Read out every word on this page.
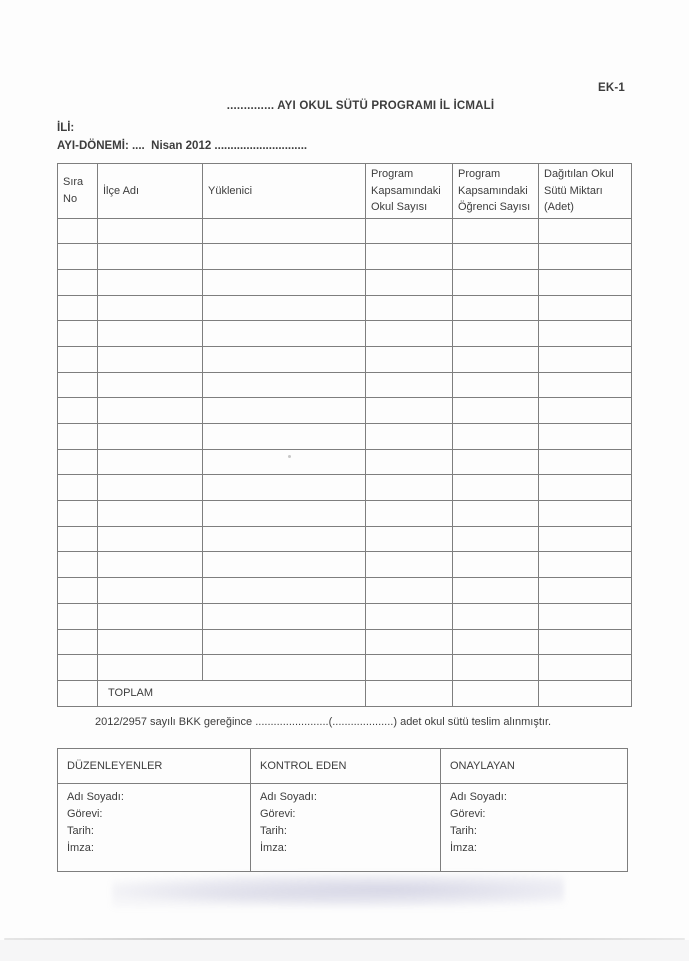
EK-1
.............. AYI OKUL SÜTÜ PROGRAMI İL İCMALİ
İLİ:
AYI-DÖNEMİ: ....  Nisan 2012 .............................
Sıra No	İlçe Adı	Yüklenici	Program Kapsamındaki Okul Sayısı	Program Kapsamındaki Öğrenci Sayısı	Dağıtılan Okul Sütü Miktarı (Adet)

	TOPLAM				
2012/2957 sayılı BKK gereğince ........................(....................) adet okul sütü teslim alınmıştır.
DÜZENLEYENLER	KONTROL EDEN	ONAYLAYAN

Adı Soyadı:
Görevi:
Tarih:
İmza:

Adı Soyadı:
Görevi:
Tarih:
İmza:

Adı Soyadı:
Görevi:
Tarih:
İmza:
